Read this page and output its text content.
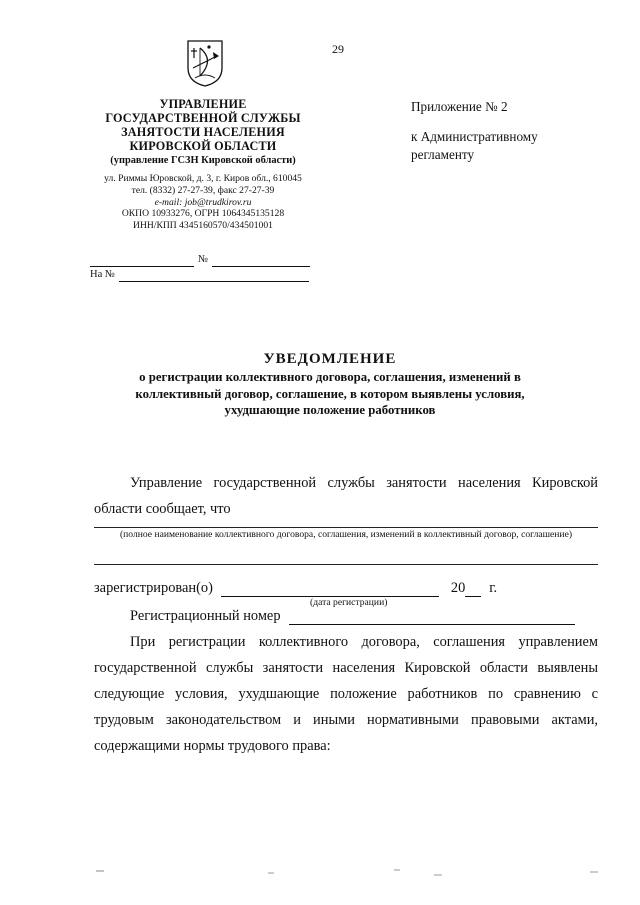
29
УПРАВЛЕНИЕ
ГОСУДАРСТВЕННОЙ СЛУЖБЫ
ЗАНЯТОСТИ НАСЕЛЕНИЯ
КИРОВСКОЙ ОБЛАСТИ
(управление ГСЗН Кировской области)
ул. Риммы Юровской, д. 3, г. Киров обл., 610045
тел. (8332) 27-27-39, факс 27-27-39
e-mail: job@trudkirov.ru
ОКПО 10933276, ОГРН 1064345135128
ИНН/КПП 4345160570/434501001
Приложение № 2
к Административному
регламенту
№
На №
УВЕДОМЛЕНИЕ
о регистрации коллективного договора, соглашения, изменений в
коллективный договор, соглашение, в котором выявлены условия,
ухудшающие положение работников
Управление государственной службы занятости населения Кировской области сообщает, что
(полное наименование коллективного договора, соглашения, изменений в коллективный договор, соглашение)
зарегистрирован(о)	20 г.
(дата регистрации)
Регистрационный номер
При регистрации коллективного договора, соглашения управлением государственной службы занятости населения Кировской области выявлены следующие условия, ухудшающие положение работников по сравнению с трудовым законодательством и иными нормативными правовыми актами, содержащими нормы трудового права:
